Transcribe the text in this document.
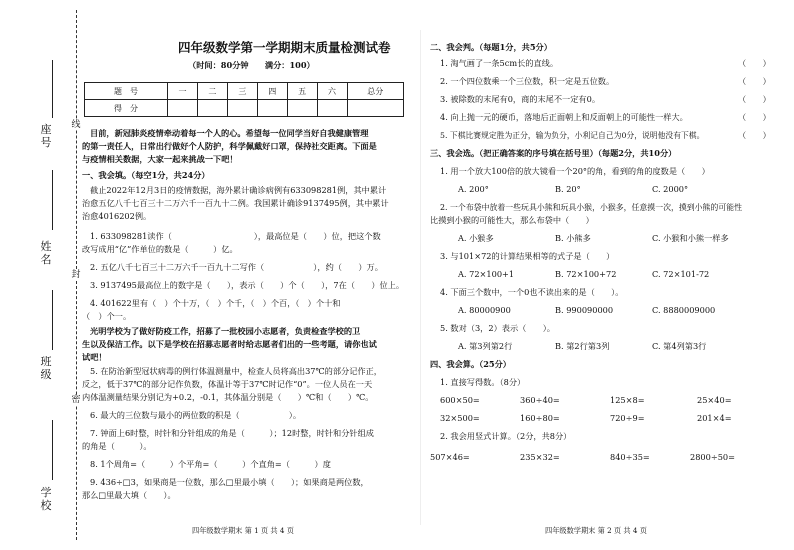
线
封
密
学校
班级
姓名
座号
四年级数学第一学期期末质量检测试卷
（时间：80分钟　　满分：100）
题　号	一	二	三	四	五	六	总分
得　分							
目前，新冠肺炎疫情牵动着每一个人的心。希望每一位同学当好自我健康管理
的第一责任人，日常出行做好个人防护，科学佩戴好口罩，保持社交距离。下面是
与疫情相关数据，大家一起来挑战一下吧！
一、我会填。（每空1分，共24分）
截止2022年12月3日的疫情数据，海外累计确诊病例有633098281例，其中累计
治愈五亿八千七百三十二万六千一百九十二例。我国累计确诊9137495例，其中累计
治愈4016202例。
1. 633098281读作（　　　　　　　　　　），最高位是（　　）位，把这个数
改写成用“亿”作单位的数是（　　　）亿。
2. 五亿八千七百三十二万六千一百九十二写作（　　　　　　），约（　　）万。
3. 9137495最高位上的数字是（　　），表示（　　）个（　　），7在（　　）位上。
4. 401622里有（　）个十万，（　）个千，（　）个百，（　）个十和
（　）个一。
光明学校为了做好防疫工作，招募了一批校园小志愿者，负责检查学校的卫
生以及保洁工作。以下是学校在招募志愿者时给志愿者们出的一些考题，请你也试
试吧！
5. 在防治新型冠状病毒的例行体温测量中，检查人员将高出37℃的部分记作正，
反之，低于37℃的部分记作负数，体温计等于37℃时记作“0”。一位人员在一天
内体温测量结果分别记为+0.2，-0.1，其体温分别是（　　）℃和（　　）℃。
6. 最大的三位数与最小的两位数的积是（　　　　　　）。
7. 钟面上6时整，时针和分针组成的角是（　　　）；12时整，时针和分针组成
的角是（　　　）。
8. 1个周角=（　　　）个平角=（　　　）个直角=（　　　）度
9. 436÷□3，如果商是一位数，那么□里最小填（　　）；如果商是两位数，
那么□里最大填（　　）。
四年级数学期末 第 1 页 共 4 页
二、我会判。（每题1分，共5分）
1. 淘气画了一条5cm长的直线。	（　　）
2. 一个四位数乘一个三位数，积一定是五位数。	（　　）
3. 被除数的末尾有0，商的末尾不一定有0。	（　　）
4. 向上抛一元的硬币，落地后正面朝上和反面朝上的可能性一样大。	（　　）
5. 下棋比赛规定胜为正分，输为负分，小利记自己为0分，说明他没有下棋。	（　　）
三、我会选。（把正确答案的序号填在括号里）（每题2分，共10分）
1. 用一个放大100倍的放大镜看一个20°的角，看到的角的度数是（　　）
A. 200°	B. 20°	C. 2000°
2. 一个布袋中放着一些玩具小熊和玩具小猴，小猴多，任意摸一次，摸到小熊的可能性
比摸到小猴的可能性大，那么布袋中（　　）
A. 小猴多	B. 小熊多	C. 小猴和小熊一样多
3. 与101×72的计算结果相等的式子是（　　）
A. 72×100+1	B. 72×100+72	C. 72×101-72
4. 下面三个数中，一个0也不读出来的是（　　）。
A. 80000900	B. 990090000	C. 8880009000
5. 数对（3，2）表示（　　）。
A. 第3列第2行	B. 第2行第3列	C. 第4列第3行
四、我会算。（25分）
1. 直接写得数。（8分）
600×50=	360÷40=	125×8=	25×40=
32×500=	160÷80=	720÷9=	201×4=
2. 我会用竖式计算。（2分，共8分）
507×46=	235×32=	840÷35=	2800÷50=
四年级数学期末 第 2 页 共 4 页
